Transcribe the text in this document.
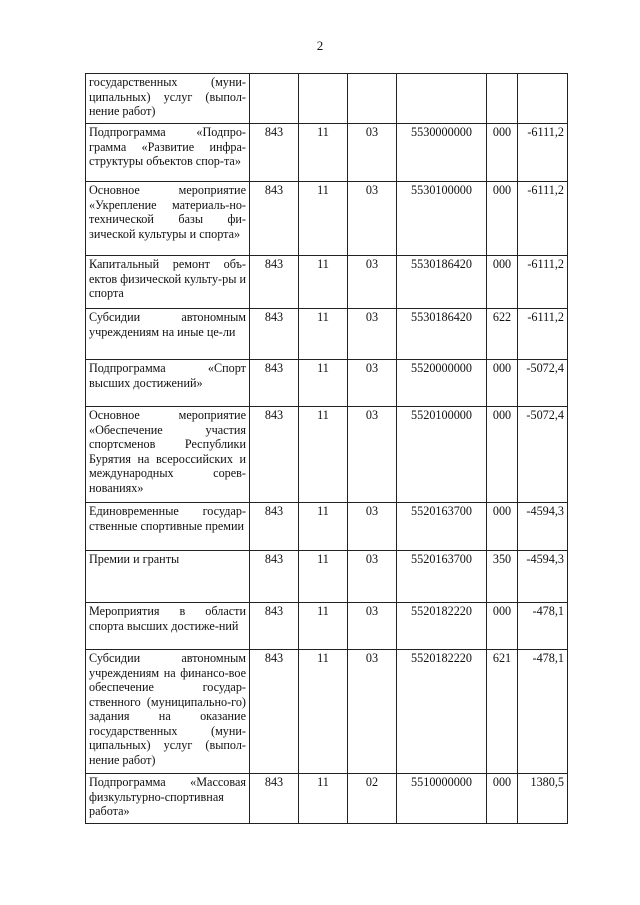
2
государственных (муни-ципальных) услуг (выпол-нение работ)						
Подпрограмма «Подпро-грамма «Развитие инфра-структуры объектов спор-та»	843	11	03	5530000000	000	-6111,2
Основное мероприятие «Укрепление материаль-но-технической базы фи-зической культуры и спорта»	843	11	03	5530100000	000	-6111,2
Капитальный ремонт объ-ектов физической культу-ры и спорта	843	11	03	5530186420	000	-6111,2
Субсидии автономным учреждениям на иные це-ли	843	11	03	5530186420	622	-6111,2
Подпрограмма «Спорт высших достижений»	843	11	03	5520000000	000	-5072,4
Основное мероприятие «Обеспечение участия спортсменов Республики Бурятия на всероссийских и международных сорев-нованиях»	843	11	03	5520100000	000	-5072,4
Единовременные государ-ственные спортивные премии	843	11	03	5520163700	000	-4594,3
Премии и гранты	843	11	03	5520163700	350	-4594,3
Мероприятия в области спорта высших достиже-ний	843	11	03	5520182220	000	-478,1
Субсидии автономным учреждениям на финансо-вое обеспечение государ-ственного (муниципально-го) задания на оказание государственных (муни-ципальных) услуг (выпол-нение работ)	843	11	03	5520182220	621	-478,1
Подпрограмма «Массовая физкультурно-спортивная работа»	843	11	02	5510000000	000	1380,5
